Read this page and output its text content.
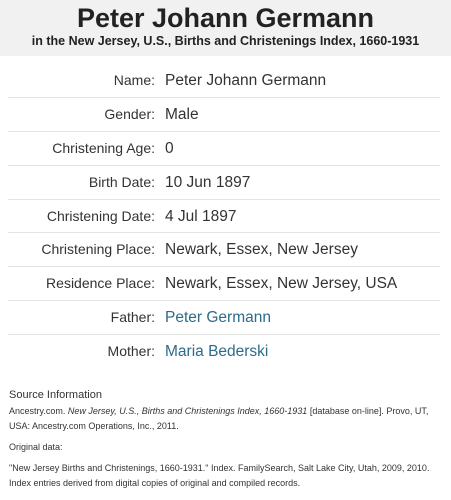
Peter Johann Germann
in the New Jersey, U.S., Births and Christenings Index, 1660-1931
Name: Peter Johann Germann
Gender: Male
Christening Age: 0
Birth Date: 10 Jun 1897
Christening Date: 4 Jul 1897
Christening Place: Newark, Essex, New Jersey
Residence Place: Newark, Essex, New Jersey, USA
Father: Peter Germann
Mother: Maria Bederski
Source Information

Ancestry.com. New Jersey, U.S., Births and Christenings Index, 1660-1931 [database on-line]. Provo, UT, USA: Ancestry.com Operations, Inc., 2011.

Original data:

"New Jersey Births and Christenings, 1660-1931." Index. FamilySearch, Salt Lake City, Utah, 2009, 2010. Index entries derived from digital copies of original and compiled records.
